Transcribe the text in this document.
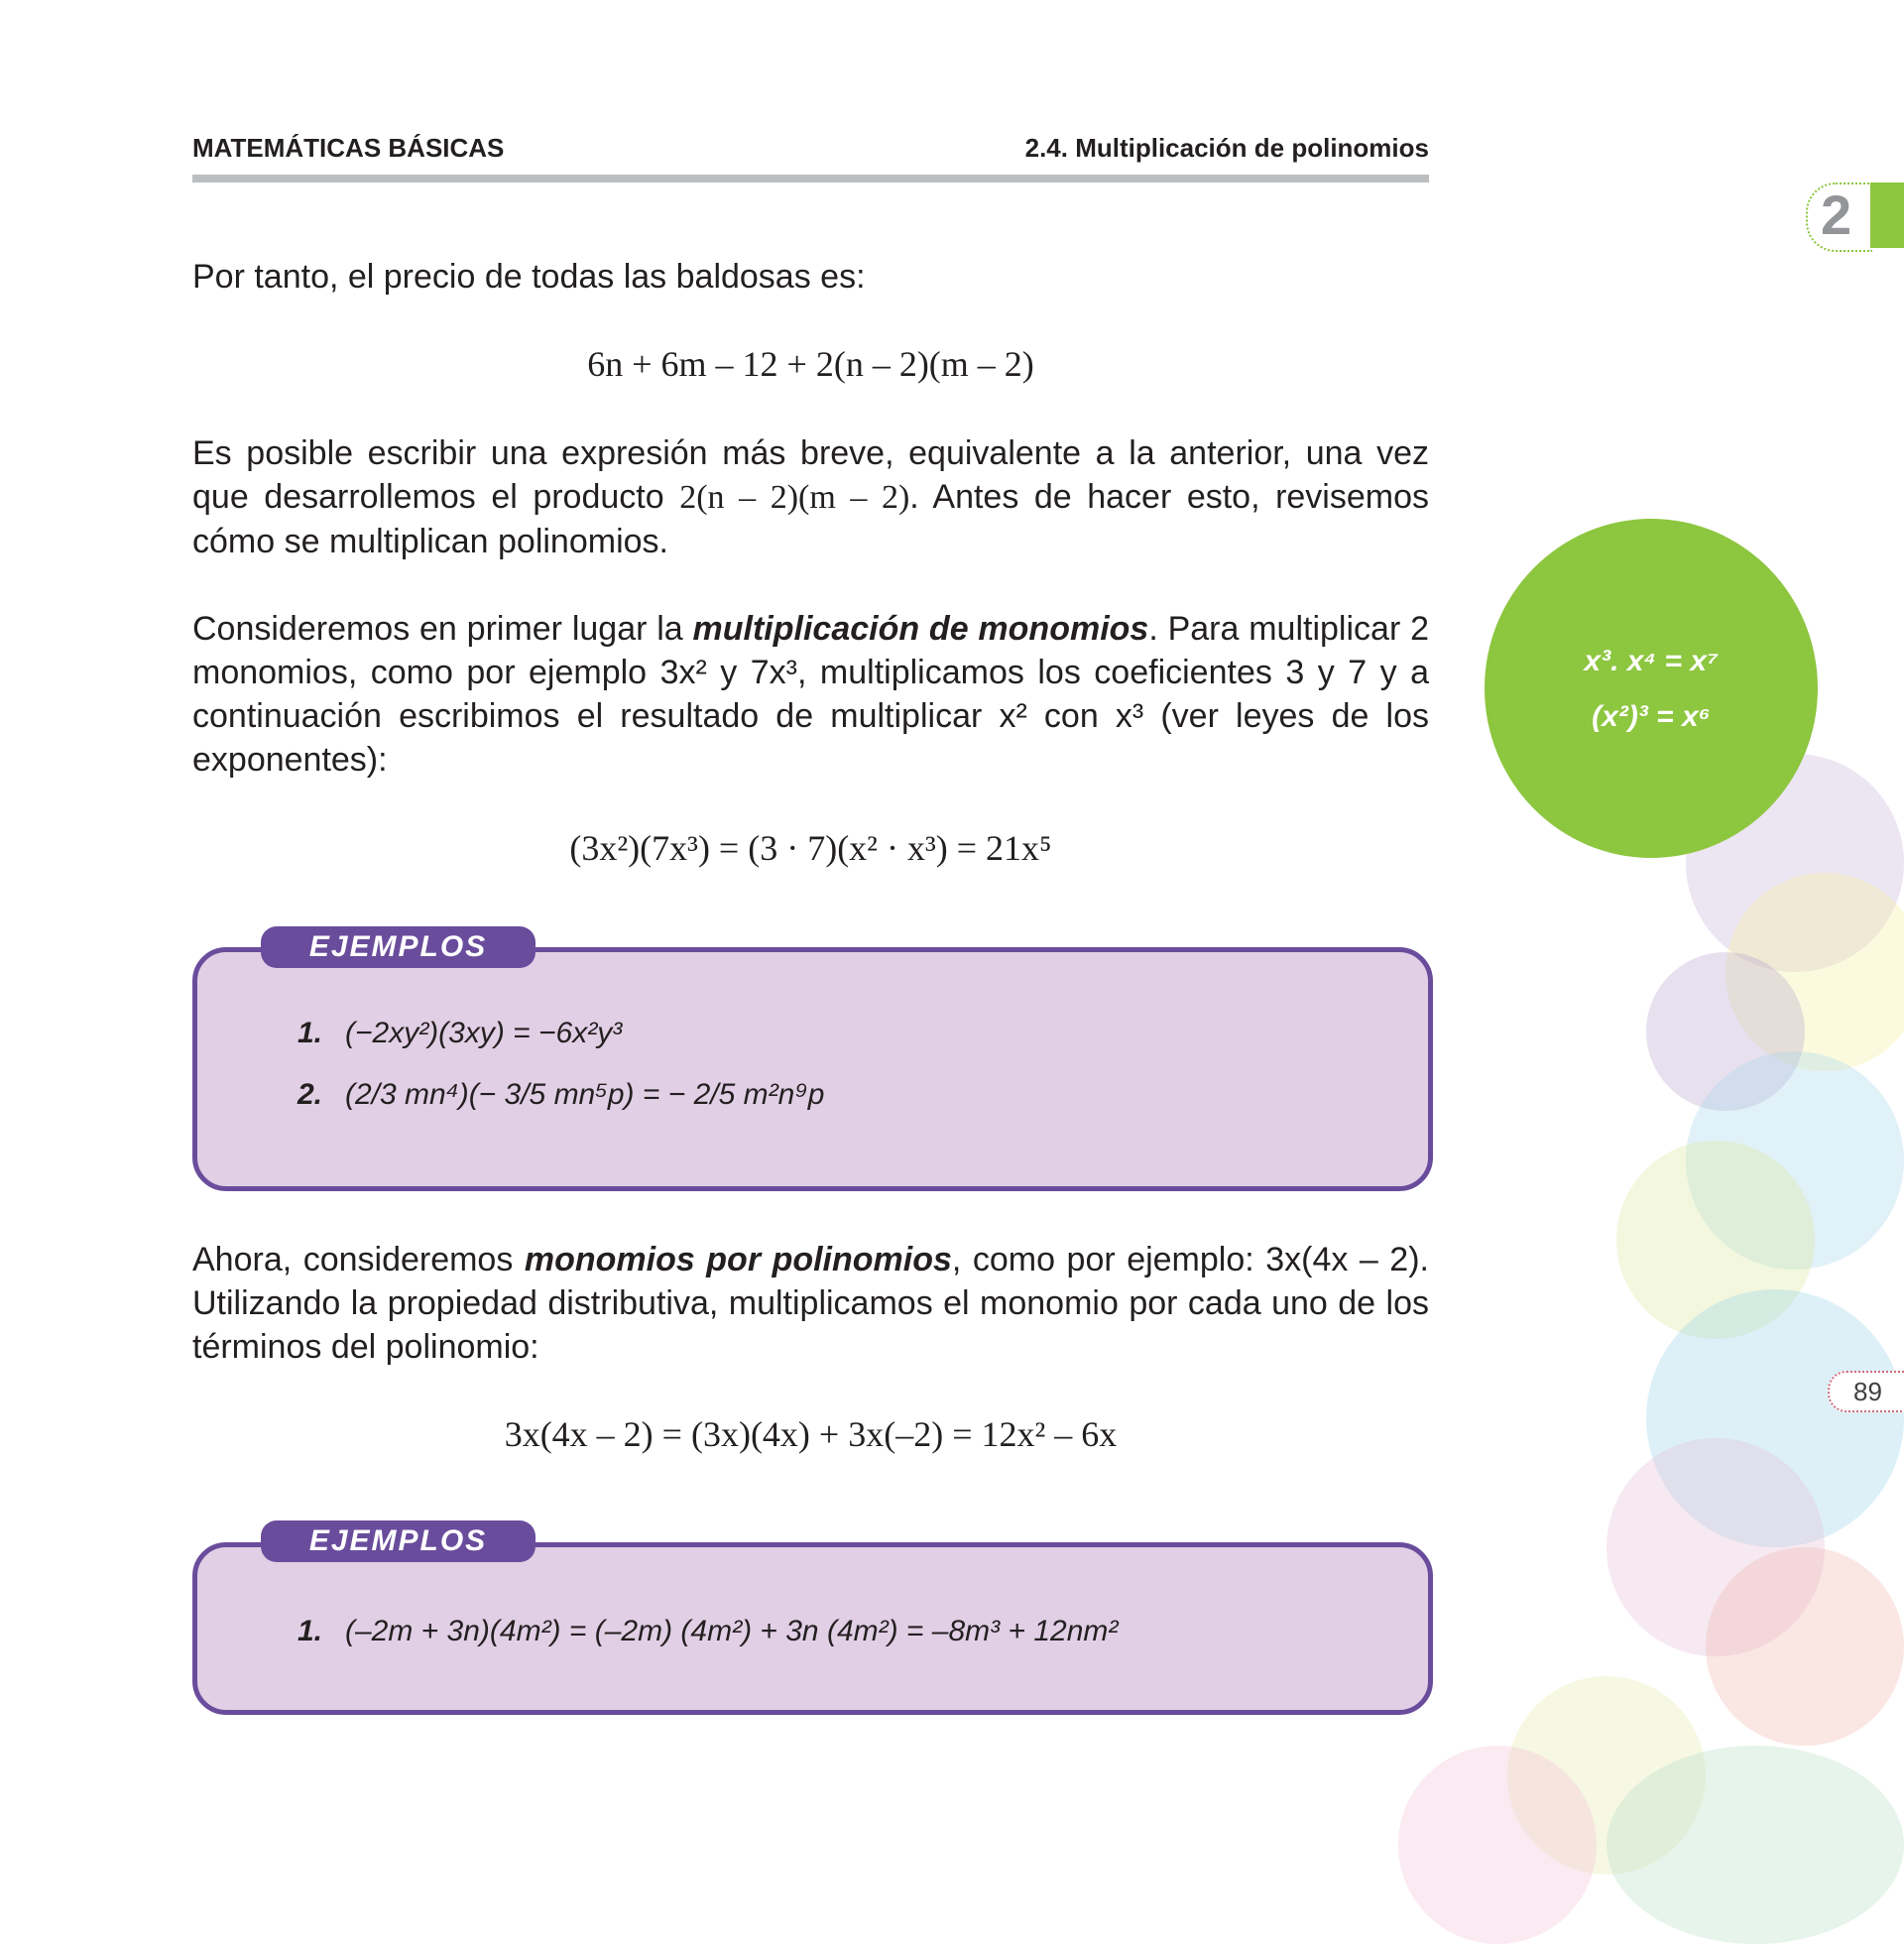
MATEMÁTICAS BÁSICAS	2.4. Multiplicación de polinomios
2
Por tanto, el precio de todas las baldosas es:
6n + 6m – 12 + 2(n – 2)(m – 2)
Es posible escribir una expresión más breve, equivalente a la anterior, una vez que desarrollemos el producto 2(n – 2)(m – 2). Antes de hacer esto, revisemos cómo se multiplican polinomios.
Consideremos en primer lugar la multiplicación de monomios. Para multiplicar 2 monomios, como por ejemplo 3x² y 7x³, multiplicamos los coeficientes 3 y 7 y a continuación escribimos el resultado de multiplicar x² con x³ (ver leyes de los exponentes):
(3x²)(7x³) = (3 · 7)(x² · x³) = 21x⁵
EJEMPLOS
1. (−2xy²)(3xy) = −6x²y³
2. (2/3 mn⁴)(− 3/5 mn⁵p) = − 2/5 m²n⁹p
Ahora, consideremos monomios por polinomios, como por ejemplo: 3x(4x – 2). Utilizando la propiedad distributiva, multiplicamos el monomio por cada uno de los términos del polinomio:
3x(4x – 2) = (3x)(4x) + 3x(–2) = 12x² – 6x
EJEMPLOS
1. (–2m + 3n)(4m²) = (–2m) (4m²) + 3n (4m²) = –8m³ + 12nm²
x³. x⁴ = x⁷
(x²)³ = x⁶
89
